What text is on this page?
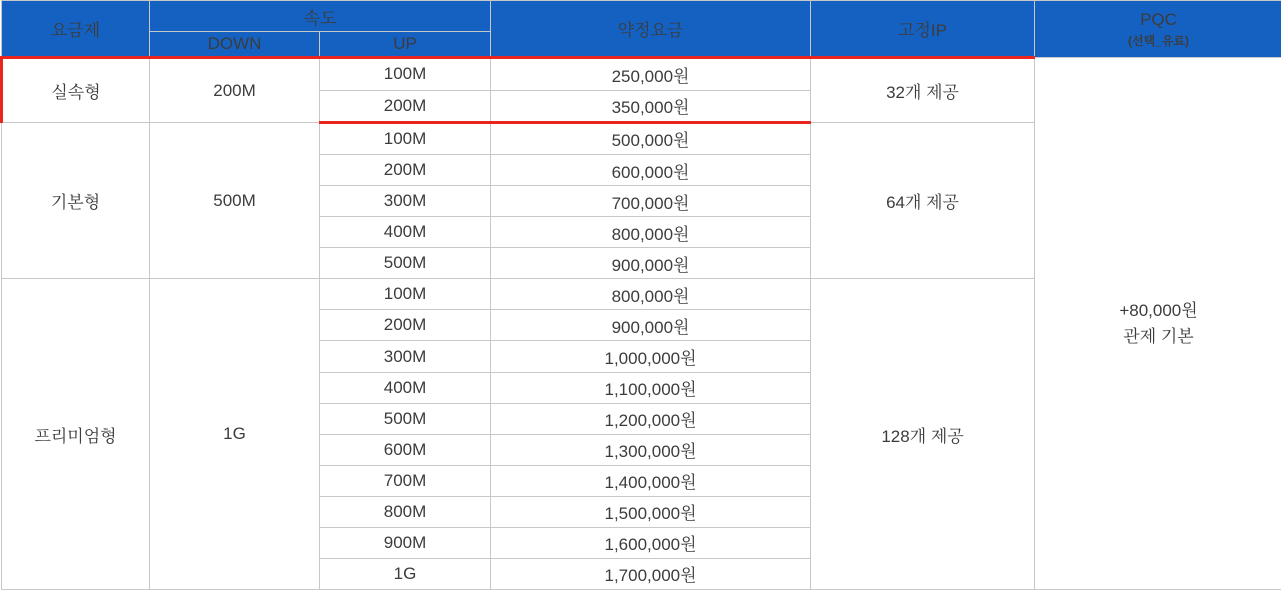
요금제	속도		약정요금	고정IP	PQC
(선택_유료)

	DOWN	UP			
실속형	200M	100M	250,000원	32개 제공	+80,000원
관제 기본

		200M	350,000원		
기본형	500M	100M	500,000원	64개 제공	
		200M	600,000원		
		300M	700,000원		
		400M	800,000원		
		500M	900,000원		
프리미엄형	1G	100M	800,000원	128개 제공	
		200M	900,000원		
		300M	1,000,000원		
		400M	1,100,000원		
		500M	1,200,000원		
		600M	1,300,000원		
		700M	1,400,000원		
		800M	1,500,000원		
		900M	1,600,000원		
		1G	1,700,000원		
